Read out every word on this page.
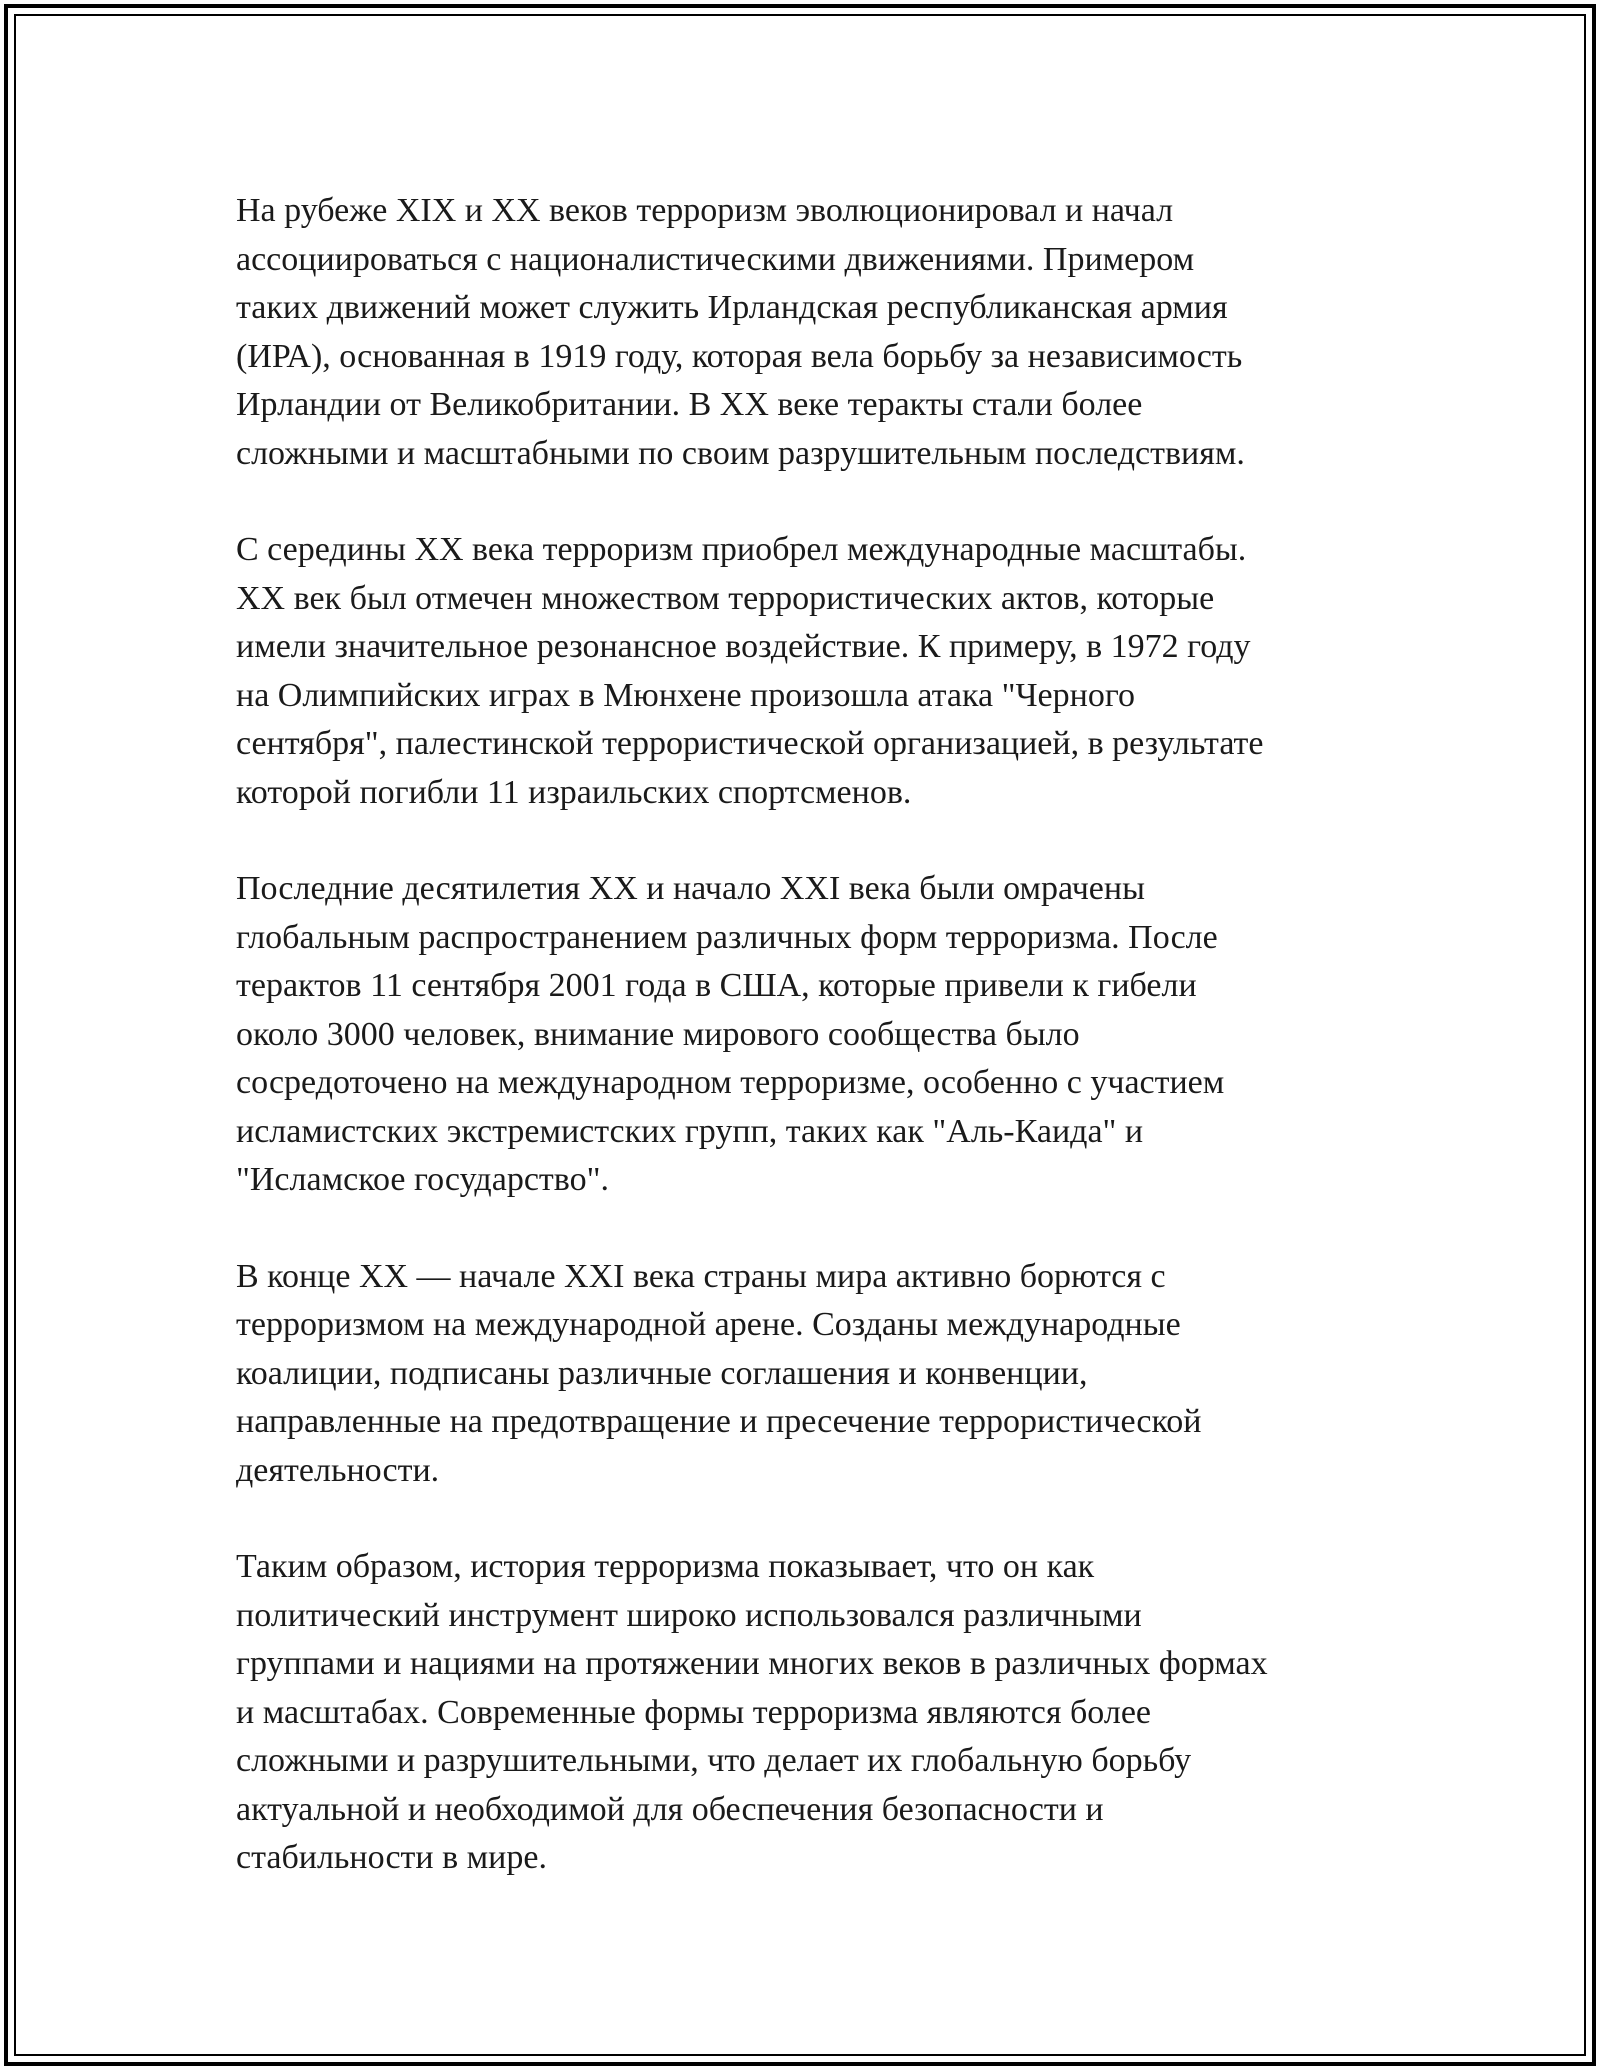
На рубеже XIX и XX веков терроризм эволюционировал и начал
ассоциироваться с националистическими движениями. Примером
таких движений может служить Ирландская республиканская армия
(ИРА), основанная в 1919 году, которая вела борьбу за независимость
Ирландии от Великобритании. В XX веке теракты стали более
сложными и масштабными по своим разрушительным последствиям.

С середины XX века терроризм приобрел международные масштабы.
XX век был отмечен множеством террористических актов, которые
имели значительное резонансное воздействие. К примеру, в 1972 году
на Олимпийских играх в Мюнхене произошла атака "Черного
сентября", палестинской террористической организацией, в результате
которой погибли 11 израильских спортсменов.

Последние десятилетия XX и начало XXI века были омрачены
глобальным распространением различных форм терроризма. После
терактов 11 сентября 2001 года в США, которые привели к гибели
около 3000 человек, внимание мирового сообщества было
сосредоточено на международном терроризме, особенно с участием
исламистских экстремистских групп, таких как "Аль-Каида" и
"Исламское государство".

В конце XX — начале XXI века страны мира активно борются с
терроризмом на международной арене. Созданы международные
коалиции, подписаны различные соглашения и конвенции,
направленные на предотвращение и пресечение террористической
деятельности.

Таким образом, история терроризма показывает, что он как
политический инструмент широко использовался различными
группами и нациями на протяжении многих веков в различных формах
и масштабах. Современные формы терроризма являются более
сложными и разрушительными, что делает их глобальную борьбу
актуальной и необходимой для обеспечения безопасности и
стабильности в мире.
